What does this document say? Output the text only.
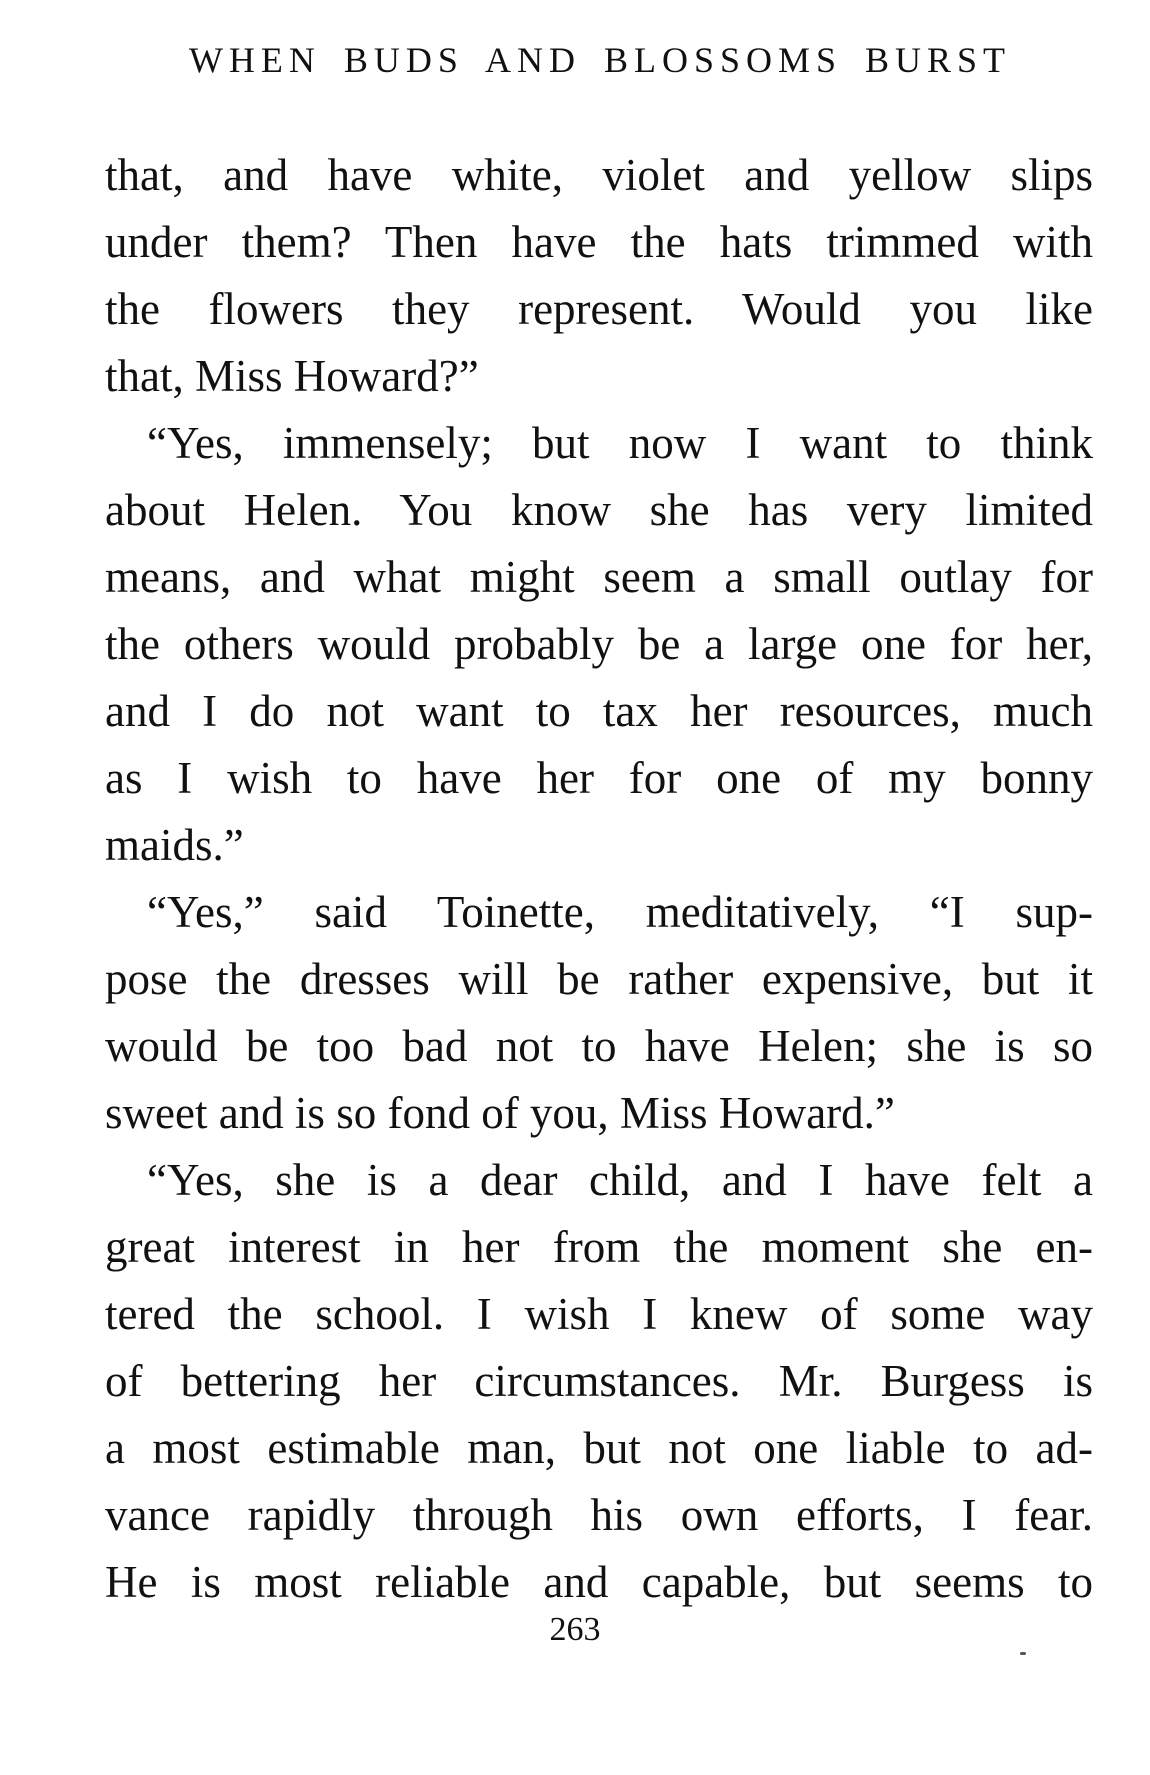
WHEN BUDS AND BLOSSOMS BURST
that, and have white, violet and yellow slips
under them? Then have the hats trimmed with
the flowers they represent. Would you like
that, Miss Howard?”
“Yes, immensely; but now I want to think
about Helen. You know she has very limited
means, and what might seem a small outlay for
the others would probably be a large one for her,
and I do not want to tax her resources, much
as I wish to have her for one of my bonny
maids.”
“Yes,” said Toinette, meditatively, “I sup-
pose the dresses will be rather expensive, but it
would be too bad not to have Helen; she is so
sweet and is so fond of you, Miss Howard.”
“Yes, she is a dear child, and I have felt a
great interest in her from the moment she en-
tered the school. I wish I knew of some way
of bettering her circumstances. Mr. Burgess is
a most estimable man, but not one liable to ad-
vance rapidly through his own efforts, I fear.
He is most reliable and capable, but seems to
263
